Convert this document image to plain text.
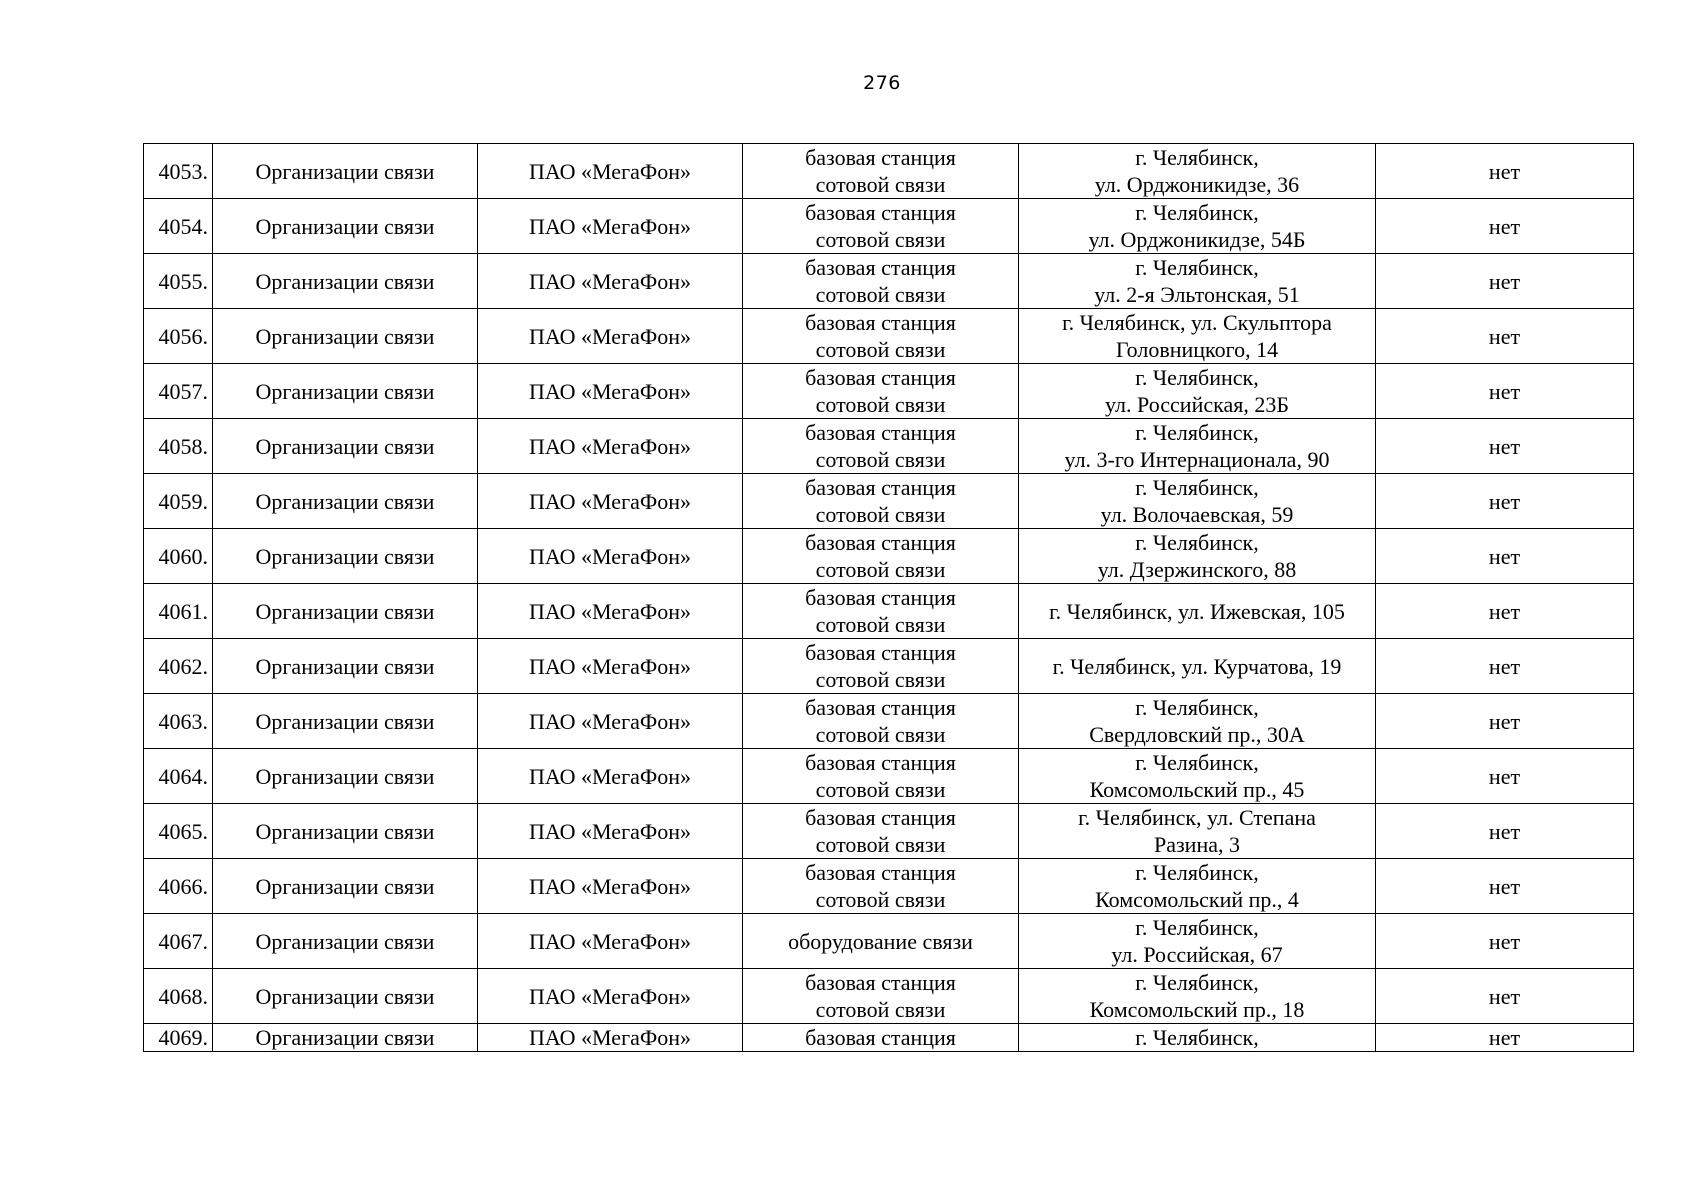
276
4053.	Организации связи	ПАО «МегаФон»	базовая станция
сотовой связи	г. Челябинск,
ул. Орджоникидзе, 36	нет
4054.	Организации связи	ПАО «МегаФон»	базовая станция
сотовой связи	г. Челябинск,
ул. Орджоникидзе, 54Б	нет
4055.	Организации связи	ПАО «МегаФон»	базовая станция
сотовой связи	г. Челябинск,
ул. 2-я Эльтонская, 51	нет
4056.	Организации связи	ПАО «МегаФон»	базовая станция
сотовой связи	г. Челябинск, ул. Скульптора
Головницкого, 14	нет
4057.	Организации связи	ПАО «МегаФон»	базовая станция
сотовой связи	г. Челябинск,
ул. Российская, 23Б	нет
4058.	Организации связи	ПАО «МегаФон»	базовая станция
сотовой связи	г. Челябинск,
ул. 3-го Интернационала, 90	нет
4059.	Организации связи	ПАО «МегаФон»	базовая станция
сотовой связи	г. Челябинск,
ул. Волочаевская, 59	нет
4060.	Организации связи	ПАО «МегаФон»	базовая станция
сотовой связи	г. Челябинск,
ул. Дзержинского, 88	нет
4061.	Организации связи	ПАО «МегаФон»	базовая станция
сотовой связи	г. Челябинск, ул. Ижевская, 105	нет
4062.	Организации связи	ПАО «МегаФон»	базовая станция
сотовой связи	г. Челябинск, ул. Курчатова, 19	нет
4063.	Организации связи	ПАО «МегаФон»	базовая станция
сотовой связи	г. Челябинск,
Свердловский пр., 30А	нет
4064.	Организации связи	ПАО «МегаФон»	базовая станция
сотовой связи	г. Челябинск,
Комсомольский пр., 45	нет
4065.	Организации связи	ПАО «МегаФон»	базовая станция
сотовой связи	г. Челябинск, ул. Степана
Разина, 3	нет
4066.	Организации связи	ПАО «МегаФон»	базовая станция
сотовой связи	г. Челябинск,
Комсомольский пр., 4	нет
4067.	Организации связи	ПАО «МегаФон»	оборудование связи	г. Челябинск,
ул. Российская, 67	нет
4068.	Организации связи	ПАО «МегаФон»	базовая станция
сотовой связи	г. Челябинск,
Комсомольский пр., 18	нет
4069.	Организации связи	ПАО «МегаФон»	базовая станция	г. Челябинск,	нет
